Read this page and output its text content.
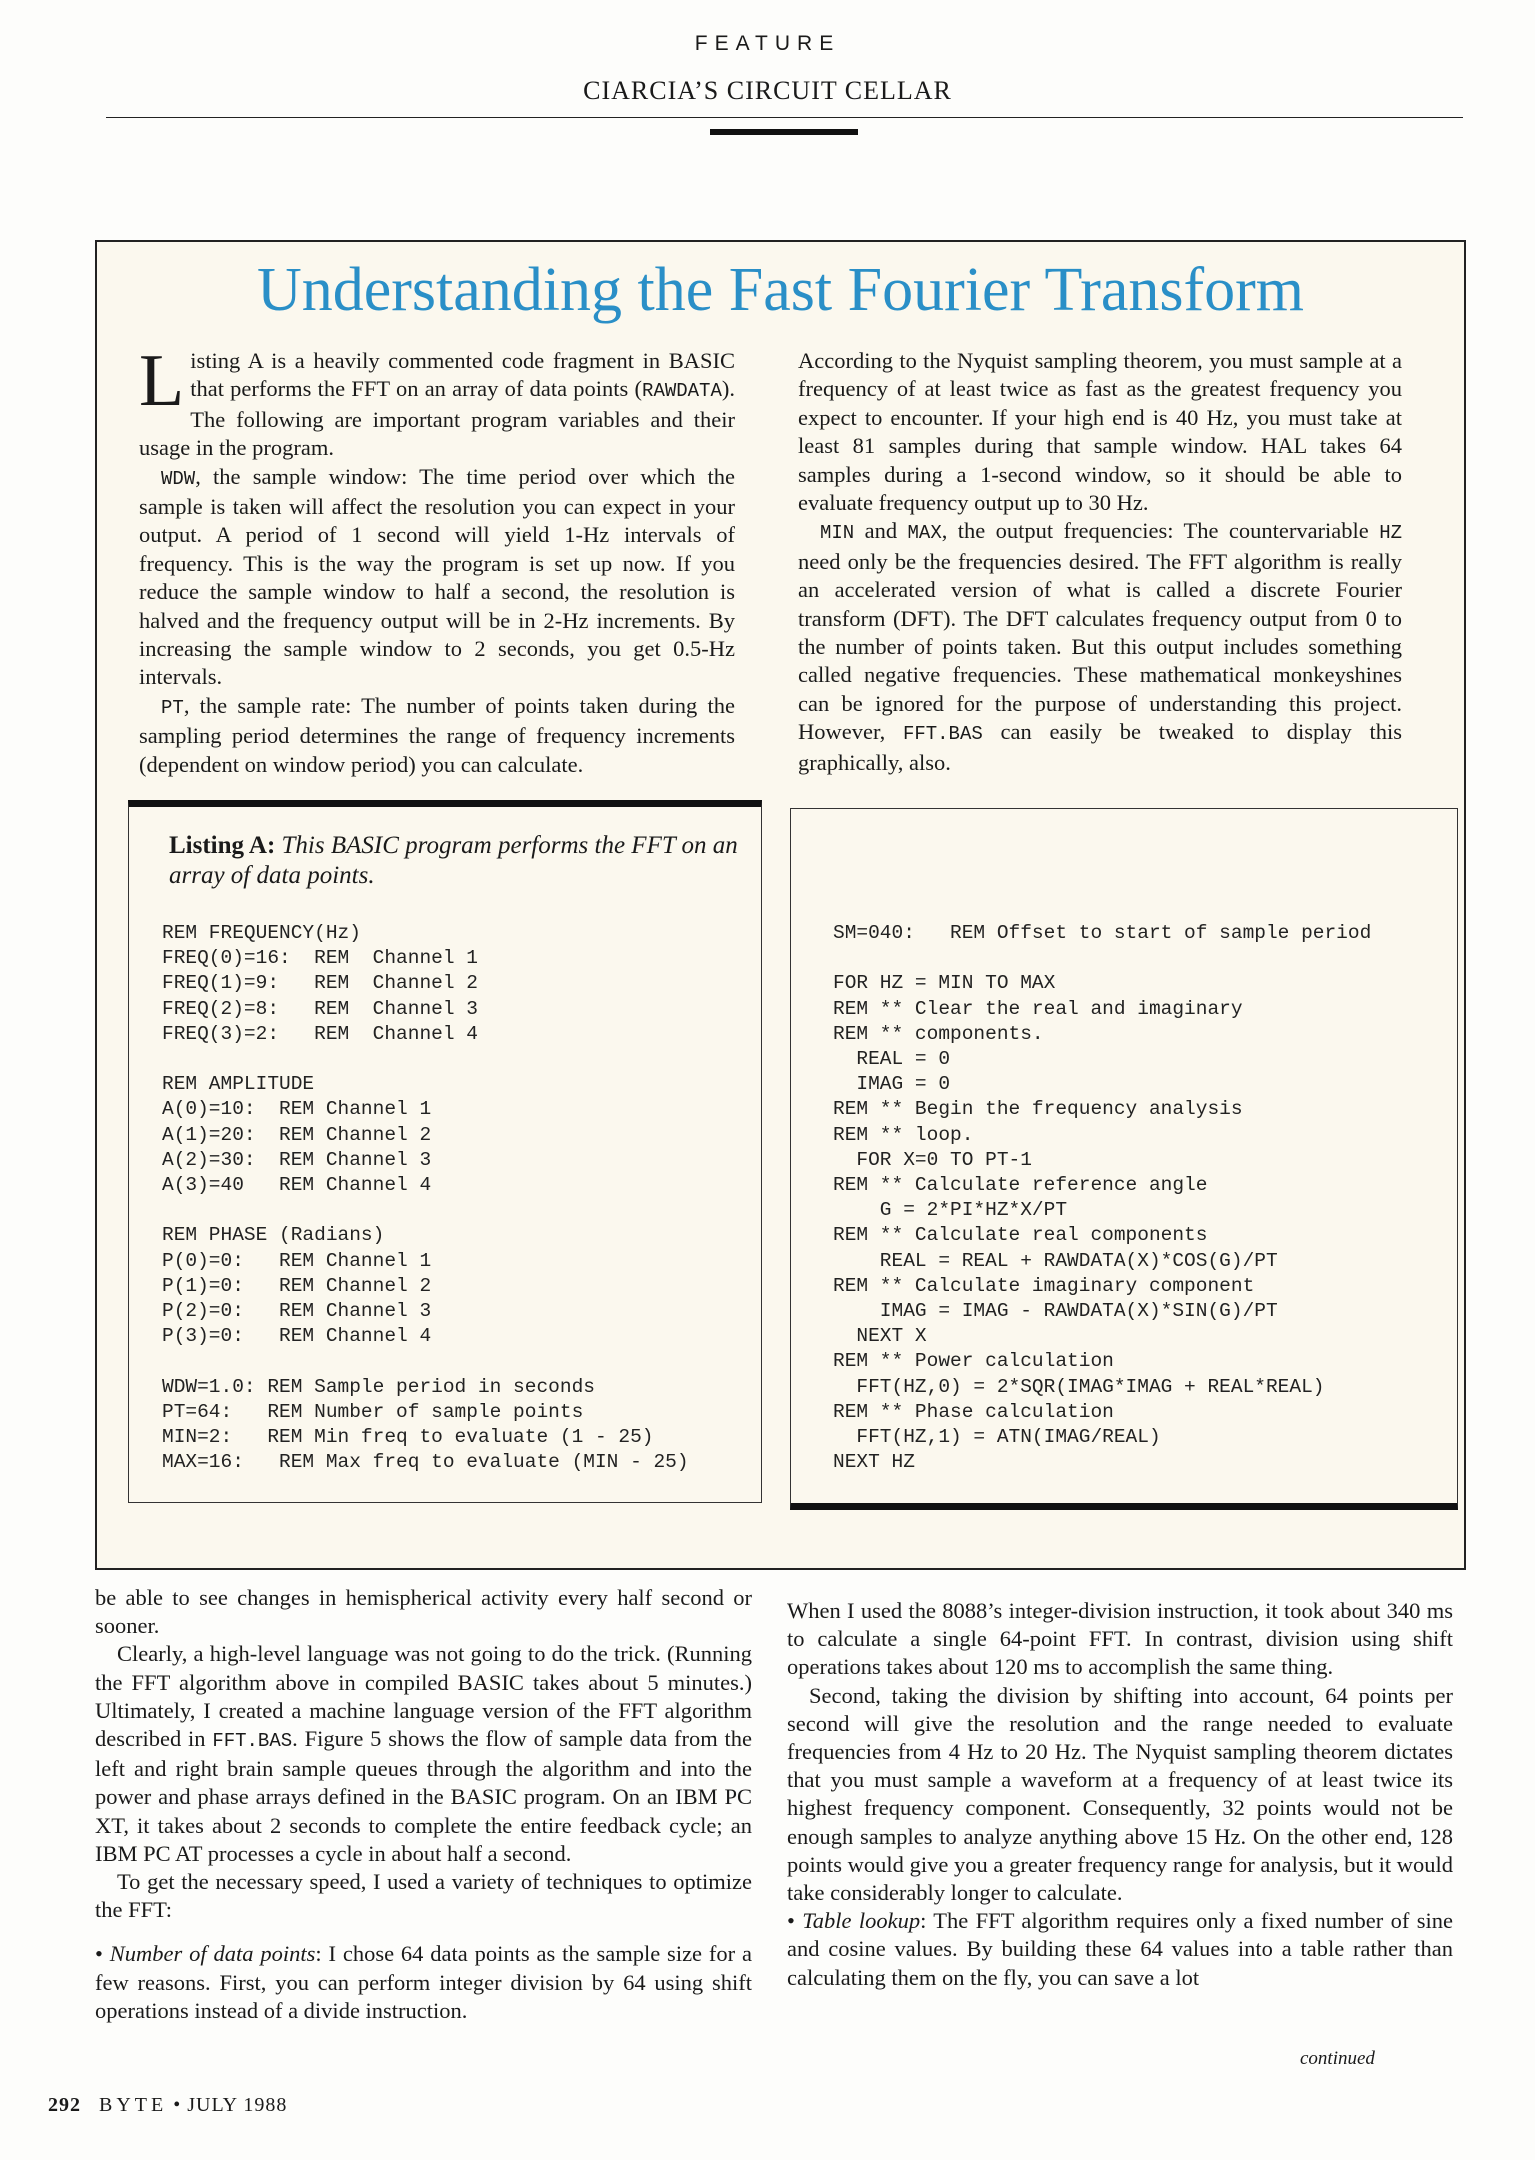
FEATURE
CIARCIA’S CIRCUIT CELLAR
Understanding the Fast Fourier Transform

Listing A is a heavily commented code fragment in BASIC that performs the FFT on an array of data points (RAWDATA). The following are important program variables and their usage in the program.

WDW, the sample window: The time period over which the sample is taken will affect the resolution you can expect in your output. A period of 1 second will yield 1-Hz intervals of frequency. This is the way the program is set up now. If you reduce the sample window to half a second, the resolution is halved and the frequency output will be in 2-Hz increments. By increasing the sample window to 2 seconds, you get 0.5-Hz intervals.

PT, the sample rate: The number of points taken during the sampling period determines the range of frequency increments (dependent on window period) you can calculate.

According to the Nyquist sampling theorem, you must sample at a frequency of at least twice as fast as the greatest frequency you expect to encounter. If your high end is 40 Hz, you must take at least 81 samples during that sample window. HAL takes 64 samples during a 1-second window, so it should be able to evaluate frequency output up to 30 Hz.

MIN and MAX, the output frequencies: The countervariable HZ need only be the frequencies desired. The FFT algorithm is really an accelerated version of what is called a discrete Fourier transform (DFT). The DFT calculates frequency output from 0 to the number of points taken. But this output includes something called negative frequencies. These mathematical monkeyshines can be ignored for the purpose of understanding this project. However, FFT.BAS can easily be tweaked to display this graphically, also.

Listing A: This BASIC program performs the FFT on an array of data points.
REM FREQUENCY(Hz)
FREQ(0)=16:  REM  Channel 1
FREQ(1)=9:   REM  Channel 2
FREQ(2)=8:   REM  Channel 3
FREQ(3)=2:   REM  Channel 4

REM AMPLITUDE
A(0)=10:  REM Channel 1
A(1)=20:  REM Channel 2
A(2)=30:  REM Channel 3
A(3)=40   REM Channel 4

REM PHASE (Radians)
P(0)=0:   REM Channel 1
P(1)=0:   REM Channel 2
P(2)=0:   REM Channel 3
P(3)=0:   REM Channel 4

WDW=1.0: REM Sample period in seconds
PT=64:   REM Number of sample points
MIN=2:   REM Min freq to evaluate (1 - 25)
MAX=16:   REM Max freq to evaluate (MIN - 25)
SM=040:   REM Offset to start of sample period

FOR HZ = MIN TO MAX
REM ** Clear the real and imaginary
REM ** components.
REAL = 0
IMAG = 0
REM ** Begin the frequency analysis
REM ** loop.
FOR X=0 TO PT-1
REM ** Calculate reference angle
G = 2*PI*HZ*X/PT
REM ** Calculate real components
REAL = REAL + RAWDATA(X)*COS(G)/PT
REM ** Calculate imaginary component
IMAG = IMAG - RAWDATA(X)*SIN(G)/PT
NEXT X
REM ** Power calculation
FFT(HZ,0) = 2*SQR(IMAG*IMAG + REAL*REAL)
REM ** Phase calculation
FFT(HZ,1) = ATN(IMAG/REAL)
NEXT HZ

be able to see changes in hemispherical activity every half second or sooner.

Clearly, a high-level language was not going to do the trick. (Running the FFT algorithm above in compiled BASIC takes about 5 minutes.) Ultimately, I created a machine language version of the FFT algorithm described in FFT.BAS. Figure 5 shows the flow of sample data from the left and right brain sample queues through the algorithm and into the power and phase arrays defined in the BASIC program. On an IBM PC XT, it takes about 2 seconds to complete the entire feedback cycle; an IBM PC AT processes a cycle in about half a second.

To get the necessary speed, I used a variety of techniques to optimize the FFT:

• Number of data points: I chose 64 data points as the sample size for a few reasons. First, you can perform integer division by 64 using shift operations instead of a divide instruction.

When I used the 8088’s integer-division instruction, it took about 340 ms to calculate a single 64-point FFT. In contrast, division using shift operations takes about 120 ms to accomplish the same thing.

Second, taking the division by shifting into account, 64 points per second will give the resolution and the range needed to evaluate frequencies from 4 Hz to 20 Hz. The Nyquist sampling theorem dictates that you must sample a waveform at a frequency of at least twice its highest frequency component. Consequently, 32 points would not be enough samples to analyze anything above 15 Hz. On the other end, 128 points would give you a greater frequency range for analysis, but it would take considerably longer to calculate.

• Table lookup: The FFT algorithm requires only a fixed number of sine and cosine values. By building these 64 values into a table rather than calculating them on the fly, you can save a lot

continued
292 BYTE • JULY 1988
